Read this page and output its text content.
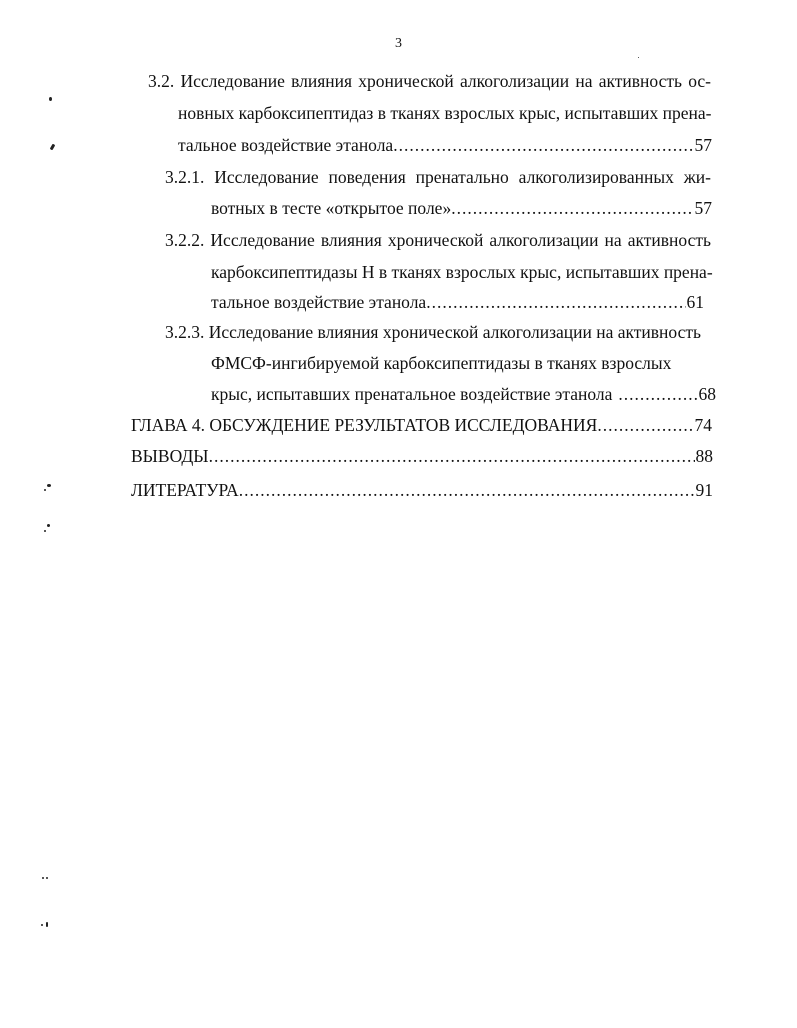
3
3.2. Исследование влияния хронической алкоголизации на активность ос-
новных карбоксипептидаз в тканях взрослых крыс, испытавших прена-
тальное воздействие этанола .....	57
3.2.1. Исследование поведения пренатально алкоголизированных жи-
вотных в тесте «открытое поле» .....	57
3.2.2. Исследование влияния хронической алкоголизации на активность
карбоксипептидазы Н в тканях взрослых крыс, испытавших прена-
тальное воздействие этанола .....	61
3.2.3. Исследование влияния хронической алкоголизации на активность
ФМСФ-ингибируемой карбоксипептидазы в тканях взрослых
крыс, испытавших пренатальное воздействие этанола .....	68
ГЛАВА 4. ОБСУЖДЕНИЕ РЕЗУЛЬТАТОВ ИССЛЕДОВАНИЯ .....	74
ВЫВОДЫ .....	88
ЛИТЕРАТУРА .....	91
